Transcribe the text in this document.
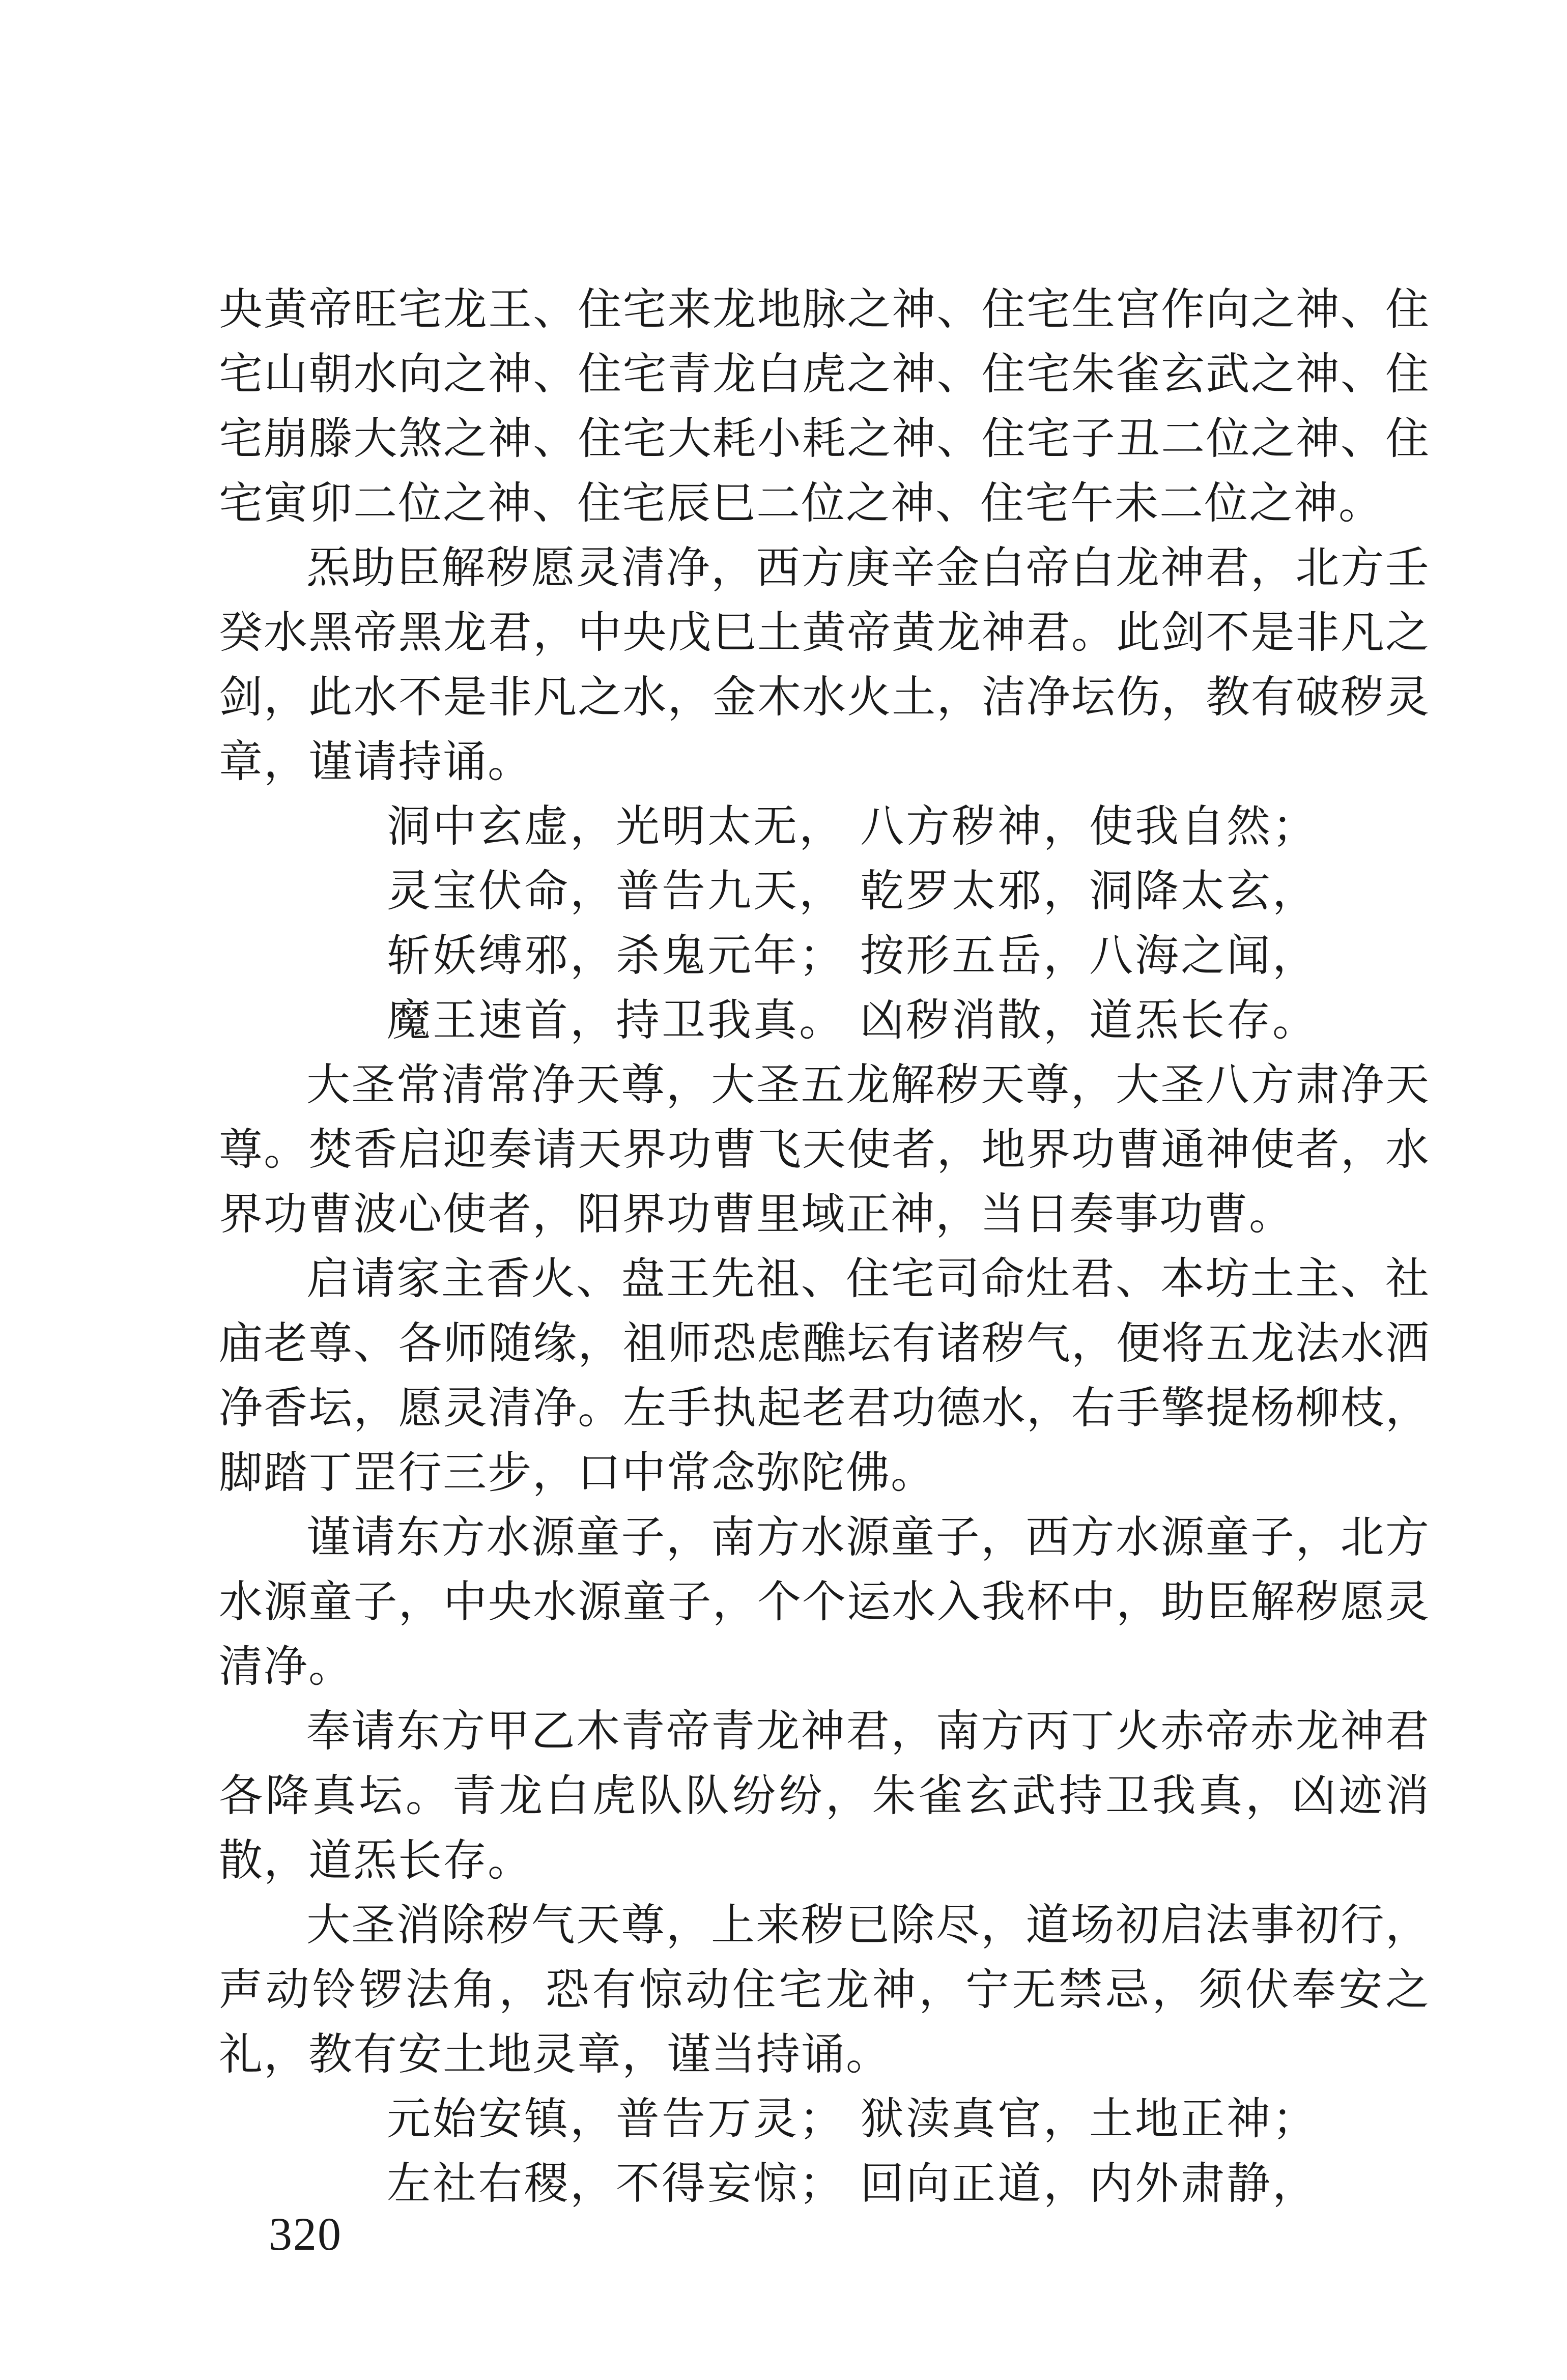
央黄帝旺宅龙王、住宅来龙地脉之神、住宅生宫作向之神、住宅山朝水向之神、住宅青龙白虎之神、住宅朱雀玄武之神、住宅崩滕大煞之神、住宅大耗小耗之神、住宅子丑二位之神、住宅寅卯二位之神、住宅辰巳二位之神、住宅午未二位之神。

炁助臣解秽愿灵清净，西方庚辛金白帝白龙神君，北方壬癸水黑帝黑龙君，中央戊巳土黄帝黄龙神君。此剑不是非凡之剑，此水不是非凡之水，金木水火土，洁净坛伤，教有破秽灵章，谨请持诵。

洞中玄虚，光明太无， 八方秽神，使我自然；
灵宝伏命，普告九天， 乾罗太邪，洞降太玄，
斩妖缚邪，杀鬼元年； 按形五岳，八海之闻，
魔王速首，持卫我真。 凶秽消散，道炁长存。

大圣常清常净天尊，大圣五龙解秽天尊，大圣八方肃净天尊。焚香启迎奏请天界功曹飞天使者，地界功曹通神使者，水界功曹波心使者，阳界功曹里域正神，当日奏事功曹。

启请家主香火、盘王先祖、住宅司命灶君、本坊土主、社庙老尊、各师随缘，祖师恐虑醮坛有诸秽气，便将五龙法水洒净香坛，愿灵清净。左手执起老君功德水，右手擎提杨柳枝，脚踏丁罡行三步，口中常念弥陀佛。

谨请东方水源童子，南方水源童子，西方水源童子，北方水源童子，中央水源童子，个个运水入我杯中，助臣解秽愿灵清净。

奉请东方甲乙木青帝青龙神君，南方丙丁火赤帝赤龙神君各降真坛。青龙白虎队队纷纷，朱雀玄武持卫我真，凶迹消散，道炁长存。

大圣消除秽气天尊，上来秽已除尽，道场初启法事初行，声动铃锣法角，恐有惊动住宅龙神，宁无禁忌，须伏奉安之礼，教有安土地灵章，谨当持诵。

元始安镇，普告万灵； 狱渎真官，土地正神；
左社右稷，不得妄惊； 回向正道，内外肃静，
320
